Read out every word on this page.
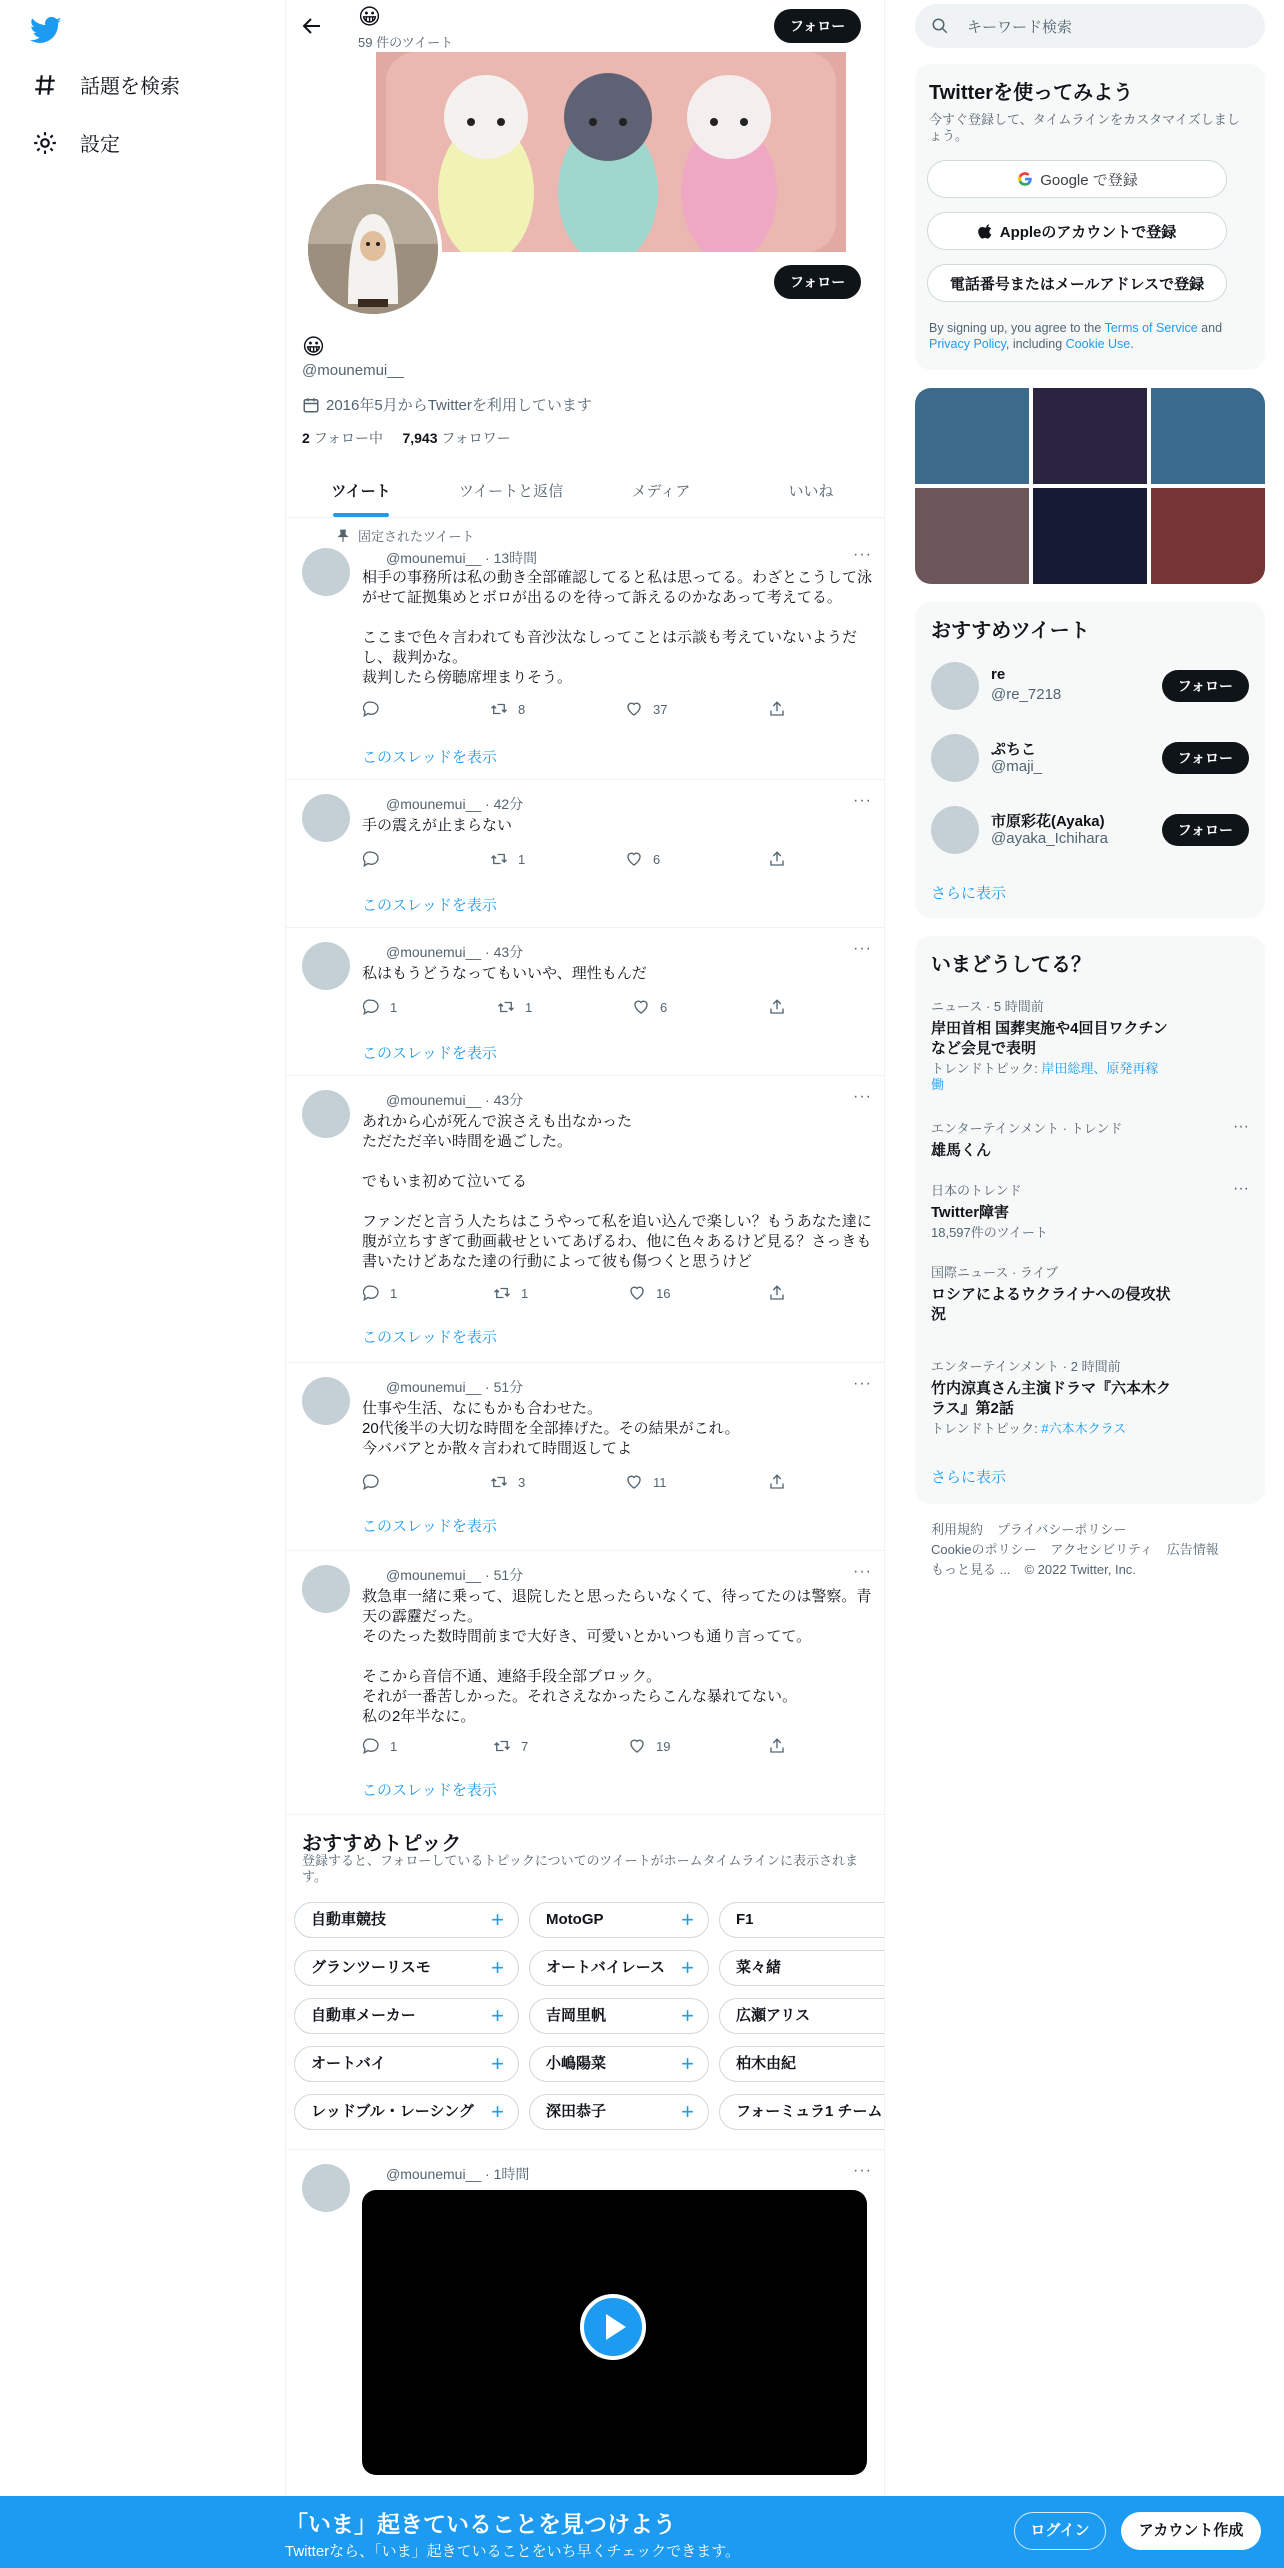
話題を検索
設定
😀
59 件のツイート
フォロー
フォロー
😀
@mounemui__
2016年5月からTwitterを利用しています
2 フォロー中 7,943 フォロワー
ツイート	ツイートと返信	メディア	いいね
固定されたツイート
@mounemui__ · 13時間	···
相手の事務所は私の動き全部確認してると私は思ってる。わざとこうして泳がせて証拠集めとボロが出るのを待って訴えるのかなあって考えてる。

ここまで色々言われても音沙汰なしってことは示談も考えていないようだし、裁判かな。
裁判したら傍聴席埋まりそう。
8	37
このスレッドを表示
@mounemui__ · 42分	···
手の震えが止まらない
1	6
このスレッドを表示
@mounemui__ · 43分	···
私はもうどうなってもいいや、理性もんだ
1	1	6
このスレッドを表示
@mounemui__ · 43分	···
あれから心が死んで涙さえも出なかった
ただただ辛い時間を過ごした。

でもいま初めて泣いてる

ファンだと言う人たちはこうやって私を追い込んで楽しい？もうあなた達に腹が立ちすぎて動画載せといてあげるわ、他に色々あるけど見る？さっきも書いたけどあなた達の行動によって彼も傷つくと思うけど
1	1	16
このスレッドを表示
@mounemui__ · 51分	···
仕事や生活、なにもかも合わせた。
20代後半の大切な時間を全部捧げた。その結果がこれ。
今ババアとか散々言われて時間返してよ
3	11
このスレッドを表示
@mounemui__ · 51分	···
救急車一緒に乗って、退院したと思ったらいなくて、待ってたのは警察。青天の霹靂だった。
そのたった数時間前まで大好き、可愛いとかいつも通り言ってて。

そこから音信不通、連絡手段全部ブロック。
それが一番苦しかった。それさえなかったらこんな暴れてない。
私の2年半なに。
1	7	19
このスレッドを表示
おすすめトピック
登録すると、フォローしているトピックについてのツイートがホームタイムラインに表示されます。
自動車競技	+	MotoGP	+	F1
グランツーリスモ	+	オートバイレース +	菜々緒
自動車メーカー	+	吉岡里帆	+	広瀬アリス
オートバイ	+	小嶋陽菜	+	柏木由紀
レッドブル・レーシング +	深田恭子	+	フォーミュラ1 チーム
@mounemui__ · 1時間	···
キーワード検索
Twitterを使ってみよう
今すぐ登録して、タイムラインをカスタマイズしましょう。
Google で登録
Appleのアカウントで登録
電話番号またはメールアドレスで登録
By signing up, you agree to the Terms of Service and Privacy Policy, including Cookie Use.
おすすめツイート
re
@re_7218	フォロー
ぷちこ
@maji_	フォロー
市原彩花(Ayaka)
@ayaka_Ichihara	フォロー
さらに表示
いまどうしてる？
ニュース · 5 時間前
岸田首相 国葬実施や4回目ワクチンなど会見で表明
トレンドトピック: 岸田総理、原発再稼働
エンターテインメント · トレンド
雄馬くん
···
日本のトレンド
Twitter障害
18,597件のツイート
···
国際ニュース · ライブ
ロシアによるウクライナへの侵攻状況
エンターテインメント · 2 時間前
竹内涼真さん主演ドラマ『六本木クラス』第2話
トレンドトピック: #六本木クラス
さらに表示
利用規約 プライバシーポリシー
Cookieのポリシー アクセシビリティ 広告情報
もっと見る ... © 2022 Twitter, Inc.
「いま」起きていることを見つけよう
Twitterなら、「いま」起きていることをいち早くチェックできます。
ログイン	アカウント作成
